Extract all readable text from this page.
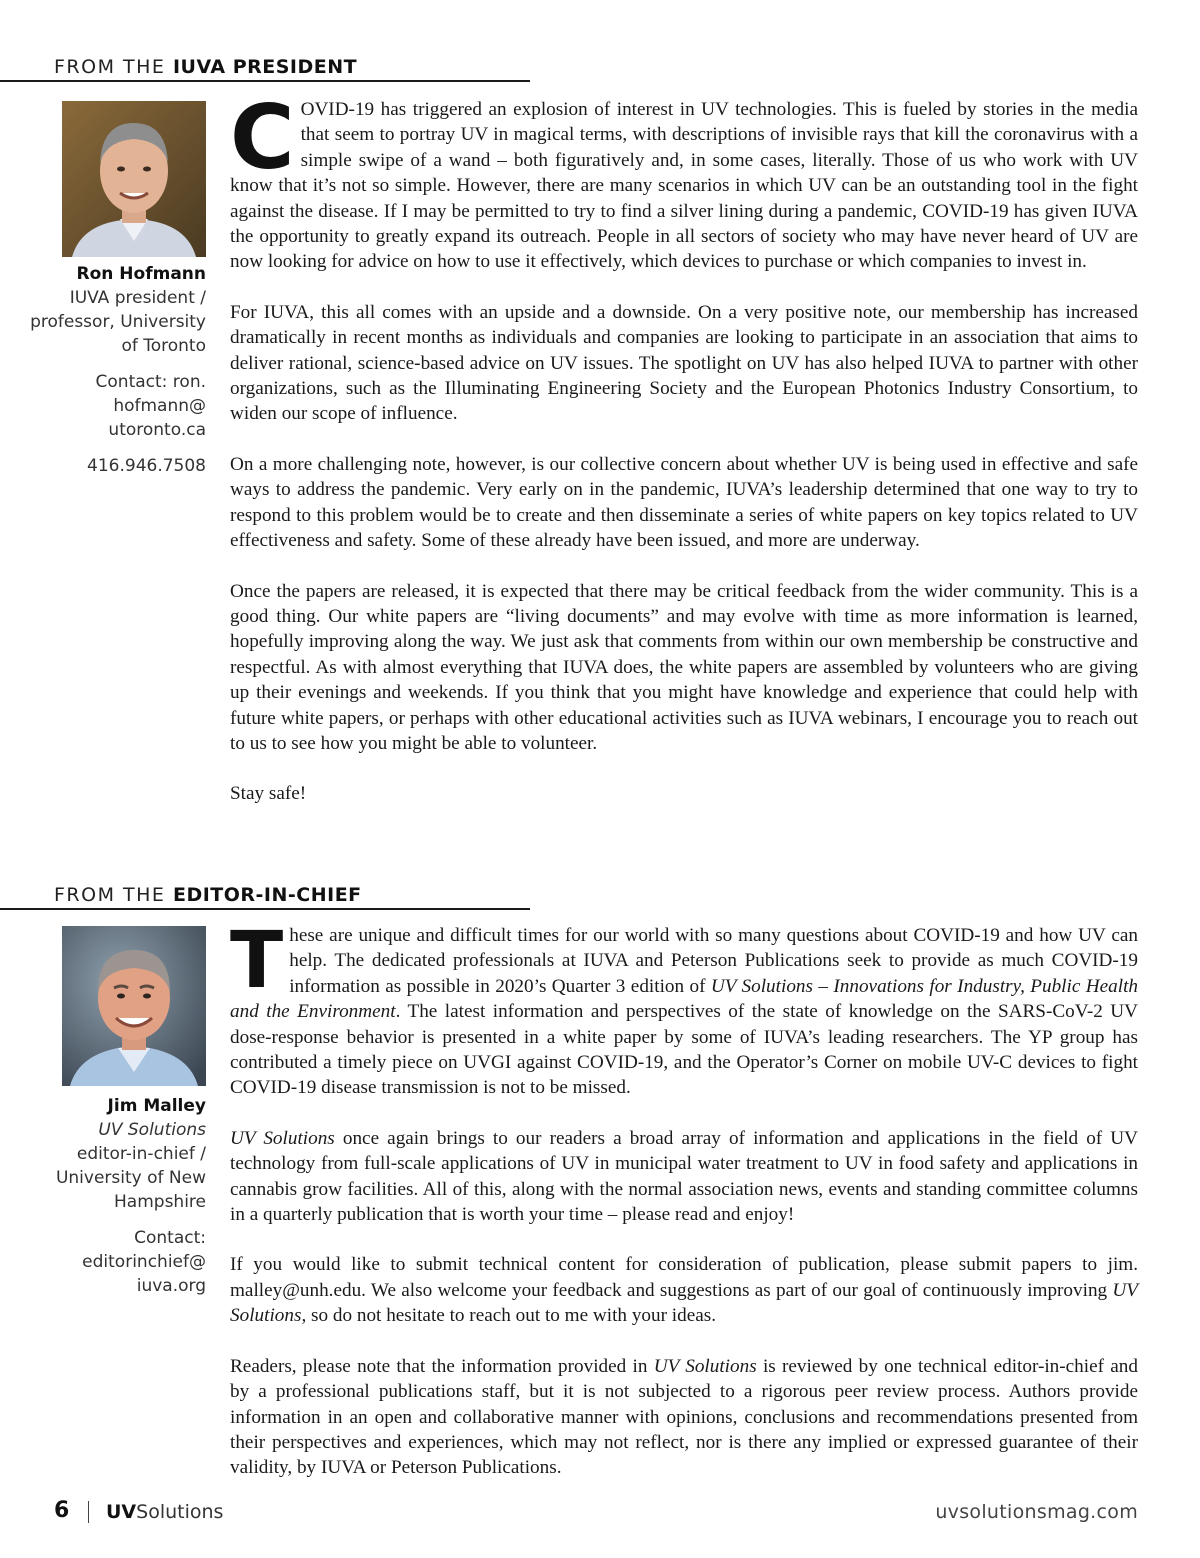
FROM THE IUVA PRESIDENT
Ron Hofmann
IUVA president / professor, University of Toronto
Contact: ron. hofmann@ utoronto.ca
416.946.7508

COVID-19 has triggered an explosion of interest in UV technologies. This is fueled by stories in the media that seem to portray UV in magical terms, with descriptions of invisible rays that kill the coronavirus with a simple swipe of a wand – both figuratively and, in some cases, literally. Those of us who work with UV know that it’s not so simple. However, there are many scenarios in which UV can be an outstanding tool in the fight against the disease. If I may be permitted to try to find a silver lining during a pandemic, COVID-19 has given IUVA the opportunity to greatly expand its outreach. People in all sectors of society who may have never heard of UV are now looking for advice on how to use it effectively, which devices to purchase or which companies to invest in.

For IUVA, this all comes with an upside and a downside. On a very positive note, our membership has increased dramatically in recent months as individuals and companies are looking to participate in an association that aims to deliver rational, science-based advice on UV issues. The spotlight on UV has also helped IUVA to partner with other organizations, such as the Illuminating Engineering Society and the European Photonics Industry Consortium, to widen our scope of influence.

On a more challenging note, however, is our collective concern about whether UV is being used in effective and safe ways to address the pandemic. Very early on in the pandemic, IUVA’s leadership determined that one way to try to respond to this problem would be to create and then disseminate a series of white papers on key topics related to UV effectiveness and safety. Some of these already have been issued, and more are underway.

Once the papers are released, it is expected that there may be critical feedback from the wider community. This is a good thing. Our white papers are “living documents” and may evolve with time as more information is learned, hopefully improving along the way. We just ask that comments from within our own membership be constructive and respectful. As with almost everything that IUVA does, the white papers are assembled by volunteers who are giving up their evenings and weekends. If you think that you might have knowledge and experience that could help with future white papers, or perhaps with other educational activities such as IUVA webinars, I encourage you to reach out to us to see how you might be able to volunteer.

Stay safe!

FROM THE EDITOR-IN-CHIEF
Jim Malley
UV Solutions
editor-in-chief / University of New Hampshire
Contact: editorinchief@ iuva.org

These are unique and difficult times for our world with so many questions about COVID-19 and how UV can help. The dedicated professionals at IUVA and Peterson Publications seek to provide as much COVID-19 information as possible in 2020’s Quarter 3 edition of UV Solutions – Innovations for Industry, Public Health and the Environment. The latest information and perspectives of the state of knowledge on the SARS-CoV-2 UV dose-response behavior is presented in a white paper by some of IUVA’s leading researchers. The YP group has contributed a timely piece on UVGI against COVID-19, and the Operator’s Corner on mobile UV-C devices to fight COVID-19 disease transmission is not to be missed.

UV Solutions once again brings to our readers a broad array of information and applications in the field of UV technology from full-scale applications of UV in municipal water treatment to UV in food safety and applications in cannabis grow facilities. All of this, along with the normal association news, events and standing committee columns in a quarterly publication that is worth your time – please read and enjoy!

If you would like to submit technical content for consideration of publication, please submit papers to jim. malley@unh.edu. We also welcome your feedback and suggestions as part of our goal of continuously improving UV Solutions, so do not hesitate to reach out to me with your ideas.

Readers, please note that the information provided in UV Solutions is reviewed by one technical editor-in-chief and by a professional publications staff, but it is not subjected to a rigorous peer review process. Authors provide information in an open and collaborative manner with opinions, conclusions and recommendations presented from their perspectives and experiences, which may not reflect, nor is there any implied or expressed guarantee of their validity, by IUVA or Peterson Publications.

6 UVSolutions	uvsolutionsmag.com
